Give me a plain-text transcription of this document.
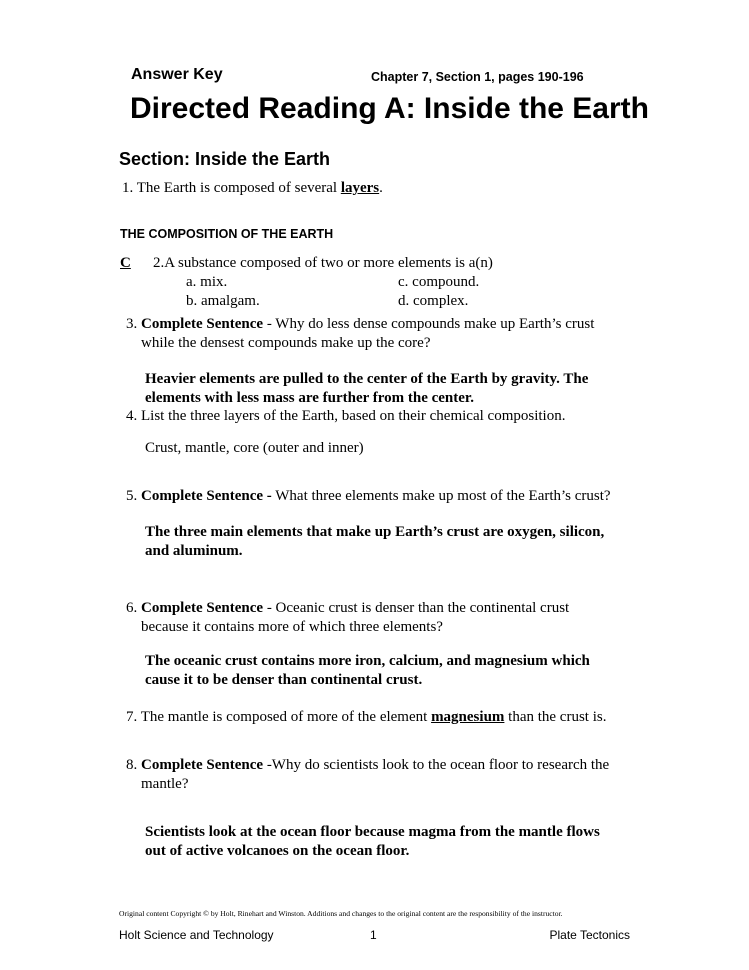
Answer Key	Chapter 7, Section 1, pages 190-196
Directed Reading A: Inside the Earth
Section: Inside the Earth
1. The Earth is composed of several layers.
THE COMPOSITION OF THE EARTH
C 2.A substance composed of two or more elements is a(n)
a. mix.
b. amalgam.
c. compound.
d. complex.
3. Complete Sentence - Why do less dense compounds make up Earth’s crust
while the densest compounds make up the core?
Heavier elements are pulled to the center of the Earth by gravity. The
elements with less mass are further from the center.
4. List the three layers of the Earth, based on their chemical composition.
Crust, mantle, core (outer and inner)
5. Complete Sentence - What three elements make up most of the Earth’s crust?
The three main elements that make up Earth’s crust are oxygen, silicon,
and aluminum.
6. Complete Sentence - Oceanic crust is denser than the continental crust
because it contains more of which three elements?
The oceanic crust contains more iron, calcium, and magnesium which
cause it to be denser than continental crust.
7. The mantle is composed of more of the element magnesium than the crust is.
8. Complete Sentence -Why do scientists look to the ocean floor to research the
mantle?
Scientists look at the ocean floor because magma from the mantle flows
out of active volcanoes on the ocean floor.
Original content Copyright © by Holt, Rinehart and Winston. Additions and changes to the original content are the responsibility of the instructor.
Holt Science and Technology	1	Plate Tectonics
